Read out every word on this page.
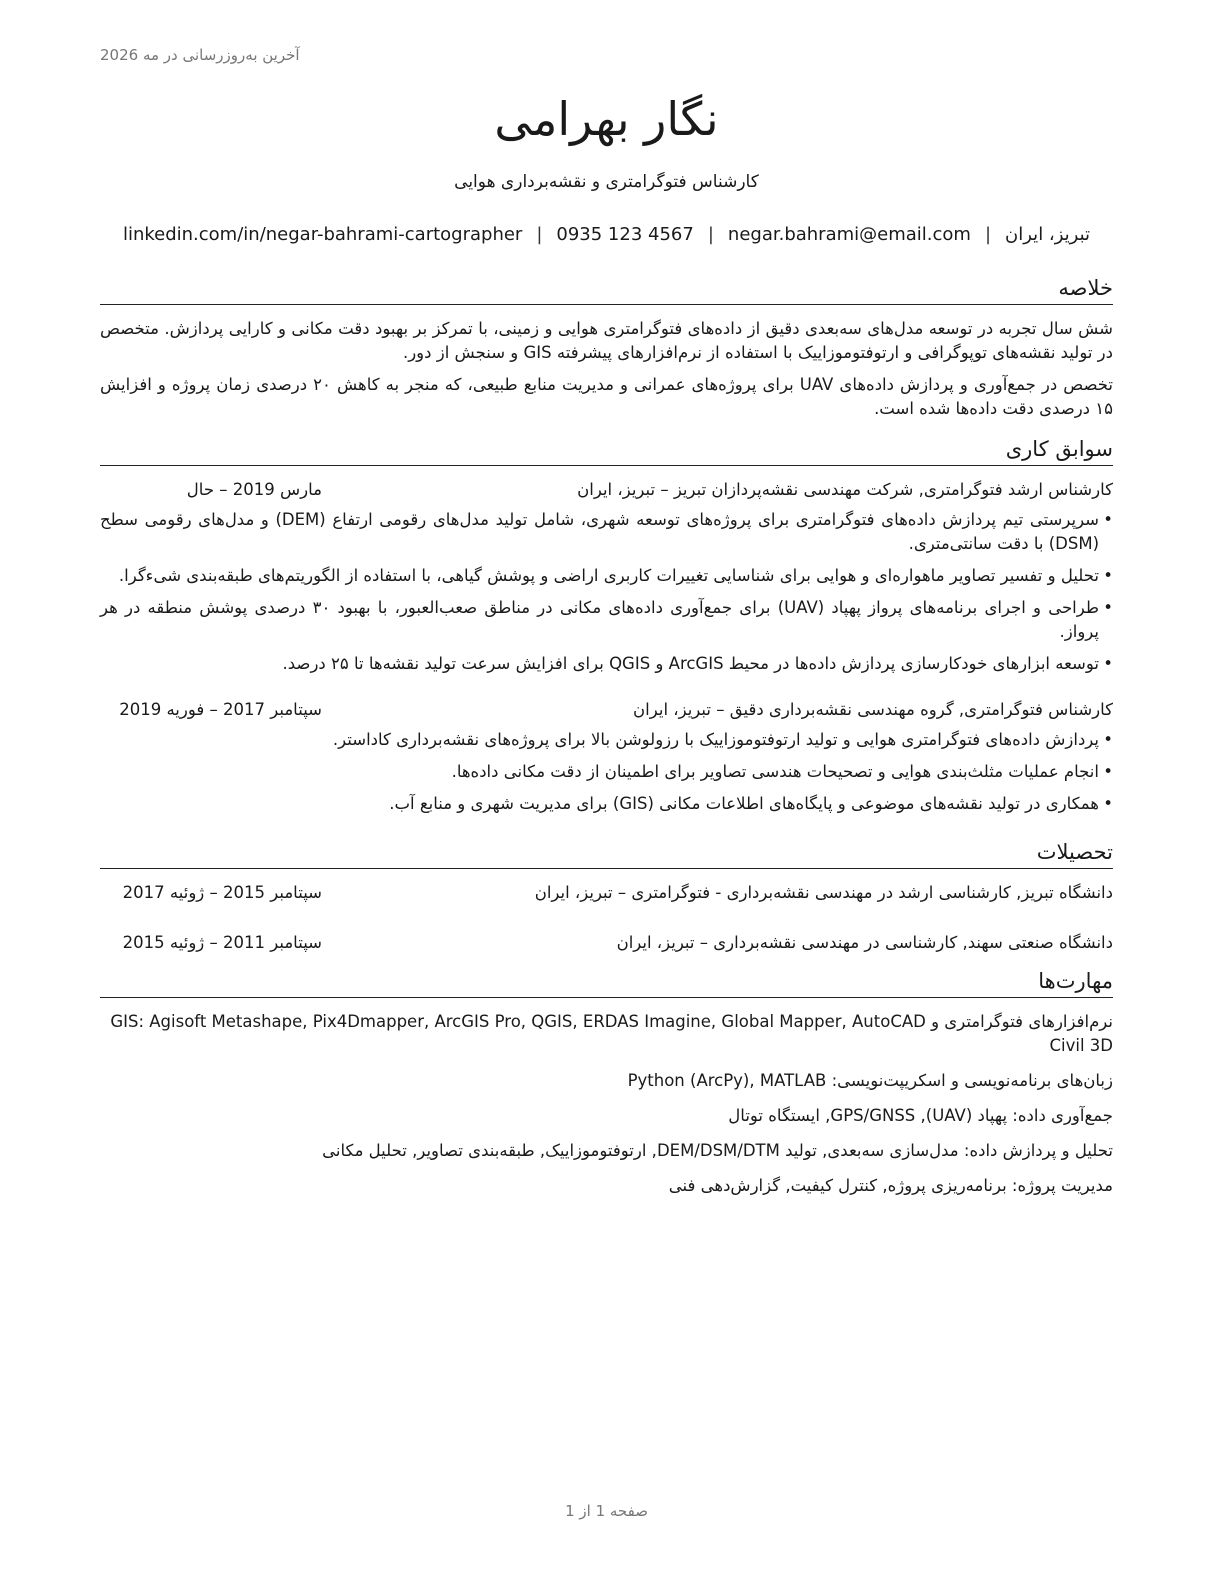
آخرین به‌روزرسانی در مه 2026
نگار بهرامی
کارشناس فتوگرامتری و نقشه‌برداری هوایی
تبریز، ایران|negar.bahrami@email.com|0935 123 4567|linkedin.com/in/negar-bahrami-cartographer
خلاصه

شش سال تجربه در توسعه مدل‌های سه‌بعدی دقیق از داده‌های فتوگرامتری هوایی و زمینی، با تمرکز بر بهبود دقت مکانی و کارایی پردازش. متخصص در تولید نقشه‌های توپوگرافی و ارتوفتوموزاییک با استفاده از نرم‌افزارهای پیشرفته GIS و سنجش از دور.

تخصص در جمع‌آوری و پردازش داده‌های UAV برای پروژه‌های عمرانی و مدیریت منابع طبیعی، که منجر به کاهش ۲۰ درصدی زمان پروژه و افزایش ۱۵ درصدی دقت داده‌ها شده است.

سوابق کاری
کارشناس ارشد فتوگرامتری, شرکت مهندسی نقشه‌پردازان تبریز – تبریز، ایران
مارس 2019 – حال
• سرپرستی تیم پردازش داده‌های فتوگرامتری برای پروژه‌های توسعه شهری، شامل تولید مدل‌های رقومی ارتفاع (DEM) و مدل‌های رقومی سطح (DSM) با دقت سانتی‌متری.
• تحلیل و تفسیر تصاویر ماهواره‌ای و هوایی برای شناسایی تغییرات کاربری اراضی و پوشش گیاهی، با استفاده از الگوریتم‌های طبقه‌بندی شیءگرا.
• طراحی و اجرای برنامه‌های پرواز پهپاد (UAV) برای جمع‌آوری داده‌های مکانی در مناطق صعب‌العبور، با بهبود ۳۰ درصدی پوشش منطقه در هر پرواز.
• توسعه ابزارهای خودکارسازی پردازش داده‌ها در محیط ArcGIS و QGIS برای افزایش سرعت تولید نقشه‌ها تا ۲۵ درصد.
کارشناس فتوگرامتری, گروه مهندسی نقشه‌برداری دقیق – تبریز، ایران
سپتامبر 2017 – فوریه 2019
• پردازش داده‌های فتوگرامتری هوایی و تولید ارتوفتوموزاییک با رزولوشن بالا برای پروژه‌های نقشه‌برداری کاداستر.
• انجام عملیات مثلث‌بندی هوایی و تصحیحات هندسی تصاویر برای اطمینان از دقت مکانی داده‌ها.
• همکاری در تولید نقشه‌های موضوعی و پایگاه‌های اطلاعات مکانی (GIS) برای مدیریت شهری و منابع آب.
تحصیلات
دانشگاه تبریز, کارشناسی ارشد در مهندسی نقشه‌برداری - فتوگرامتری – تبریز، ایران
سپتامبر 2015 – ژوئیه 2017
دانشگاه صنعتی سهند, کارشناسی در مهندسی نقشه‌برداری – تبریز، ایران
سپتامبر 2011 – ژوئیه 2015
مهارت‌ها

نرم‌افزارهای فتوگرامتری و GIS: Agisoft Metashape, Pix4Dmapper, ArcGIS Pro, QGIS, ERDAS Imagine, Global Mapper, AutoCAD Civil 3D

زبان‌های برنامه‌نویسی و اسکریپت‌نویسی: Python (ArcPy), MATLAB

جمع‌آوری داده: پهپاد (UAV), GPS/GNSS, ایستگاه توتال

تحلیل و پردازش داده: مدل‌سازی سه‌بعدی, تولید DEM/DSM/DTM, ارتوفتوموزاییک, طبقه‌بندی تصاویر, تحلیل مکانی

مدیریت پروژه: برنامه‌ریزی پروژه, کنترل کیفیت, گزارش‌دهی فنی

صفحه 1 از 1
